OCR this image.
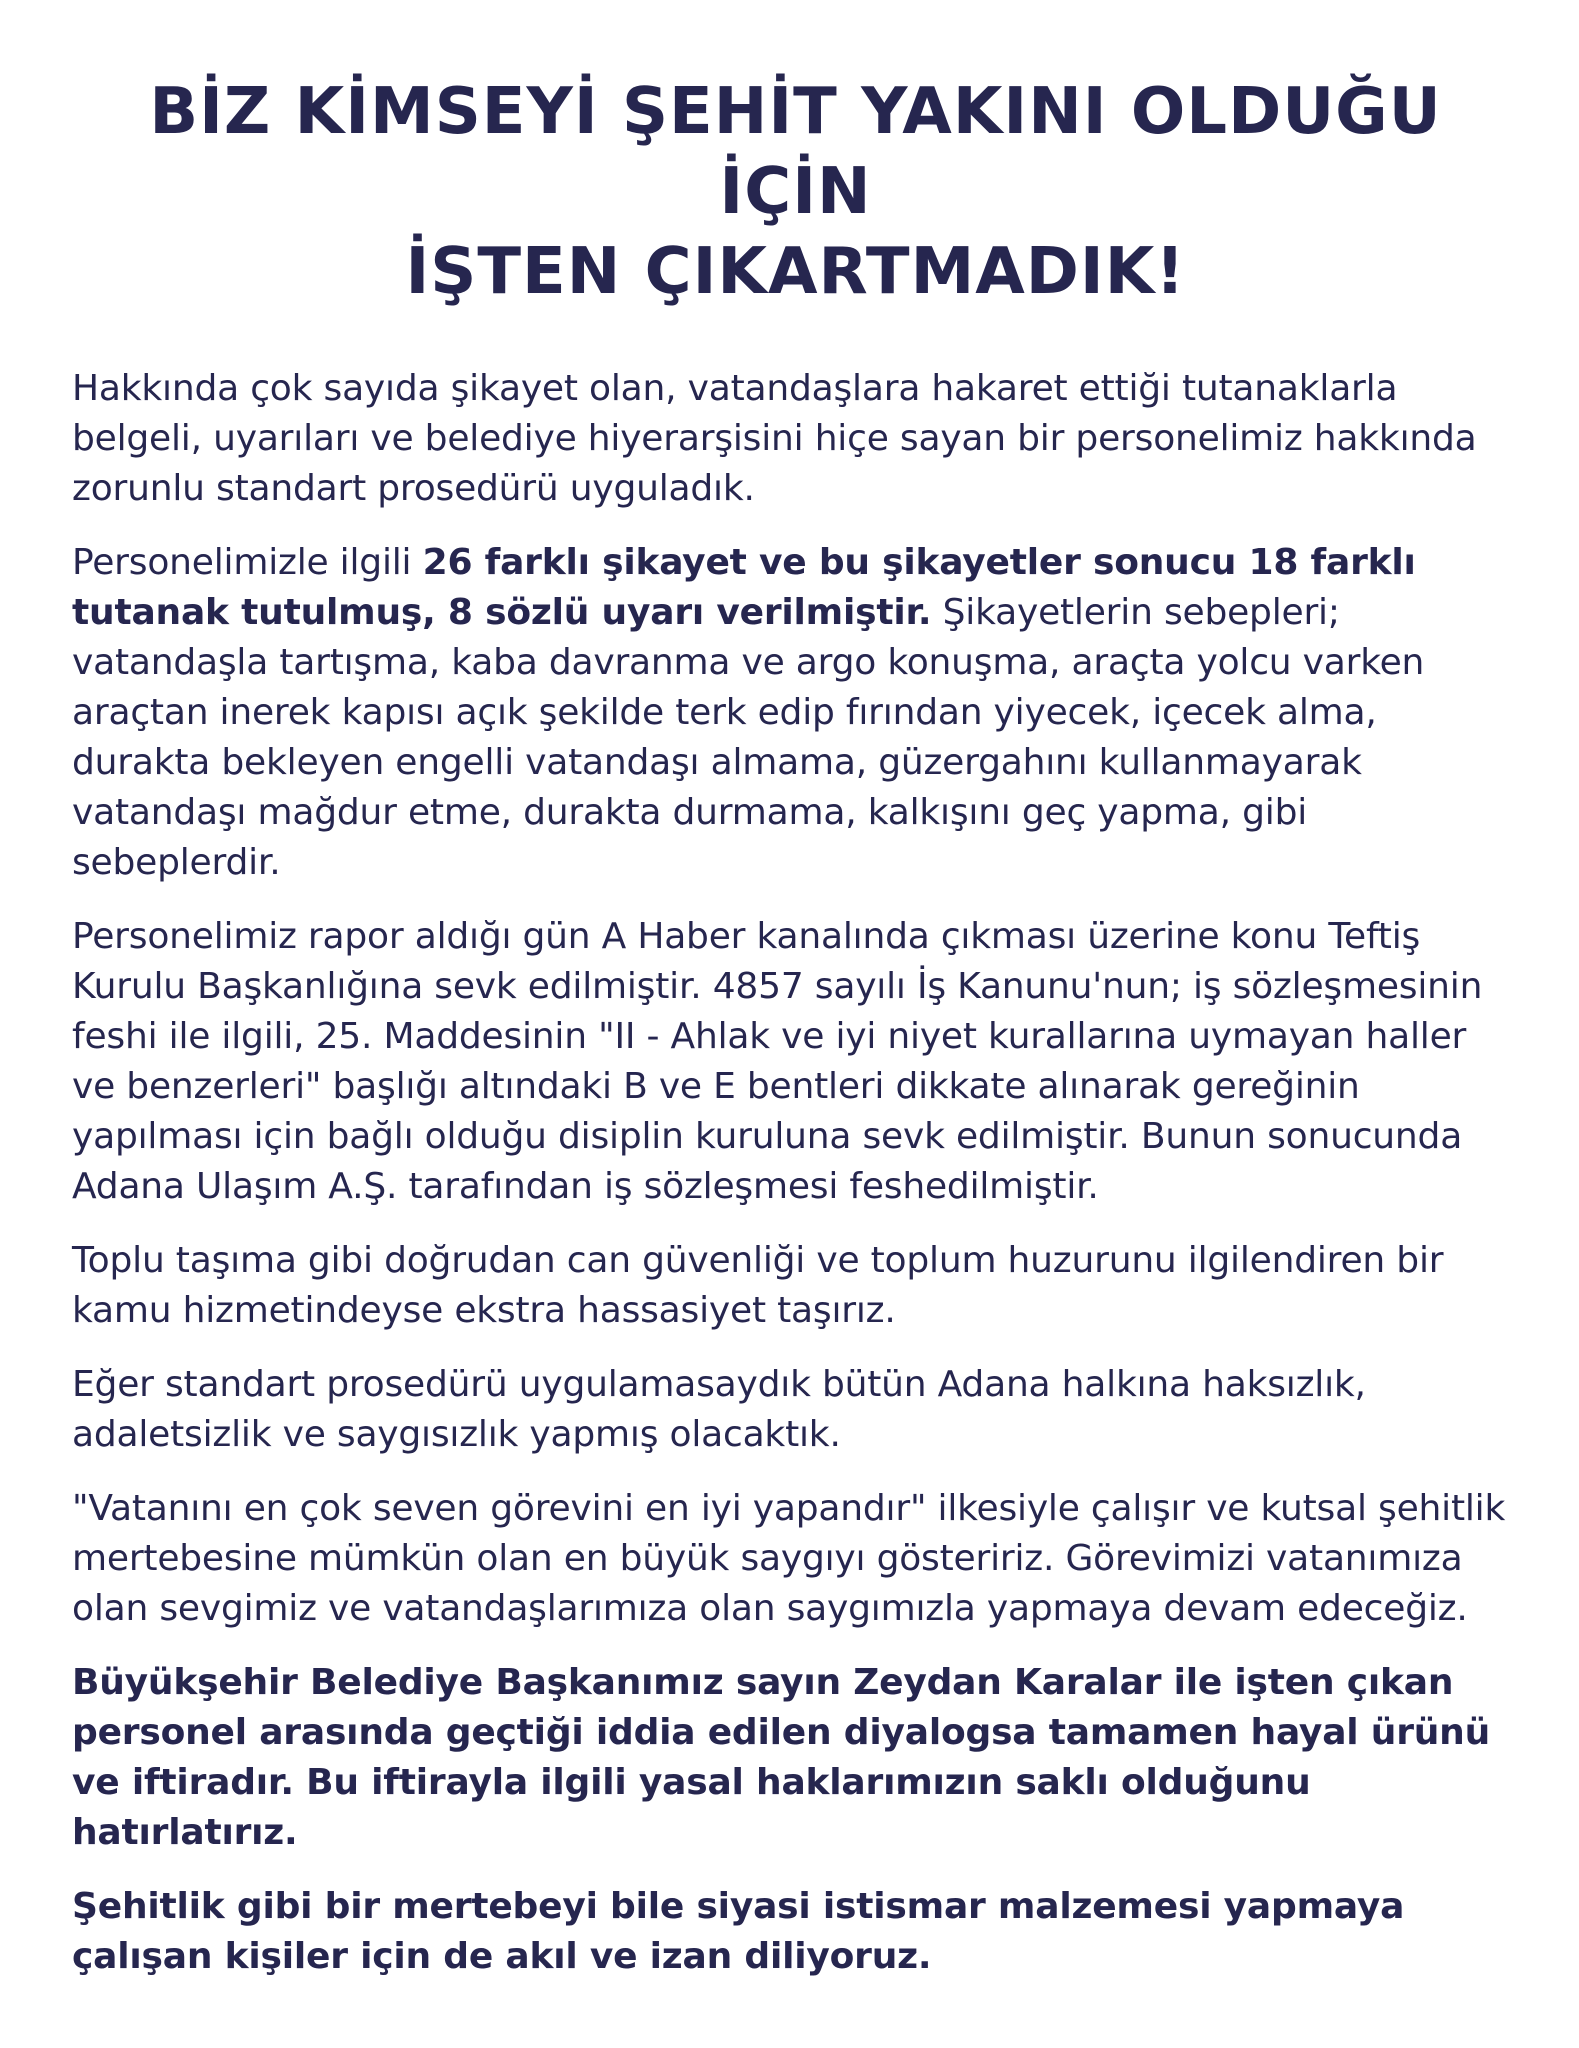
BİZ KİMSEYİ ŞEHİT YAKINI OLDUĞU İÇİN
İŞTEN ÇIKARTMADIK!

Hakkında çok sayıda şikayet olan, vatandaşlara hakaret ettiği tutanaklarla belgeli, uyarıları ve belediye hiyerarşisini hiçe sayan bir personelimiz hakkında zorunlu standart prosedürü uyguladık.

Personelimizle ilgili 26 farklı şikayet ve bu şikayetler sonucu 18 farklı tutanak tutulmuş, 8 sözlü uyarı verilmiştir. Şikayetlerin sebepleri; vatandaşla tartışma, kaba davranma ve argo konuşma, araçta yolcu varken araçtan inerek kapısı açık şekilde terk edip fırından yiyecek, içecek alma, durakta bekleyen engelli vatandaşı almama, güzergahını kullanmayarak vatandaşı mağdur etme, durakta durmama, kalkışını geç yapma, gibi sebeplerdir.

Personelimiz rapor aldığı gün A Haber kanalında çıkması üzerine konu Teftiş Kurulu Başkanlığına sevk edilmiştir. 4857 sayılı İş Kanunu'nun; iş sözleşmesinin feshi ile ilgili, 25. Maddesinin "II - Ahlak ve iyi niyet kurallarına uymayan haller ve benzerleri" başlığı altındaki B ve E bentleri dikkate alınarak gereğinin yapılması için bağlı olduğu disiplin kuruluna sevk edilmiştir. Bunun sonucunda Adana Ulaşım A.Ş. tarafından iş sözleşmesi feshedilmiştir.

Toplu taşıma gibi doğrudan can güvenliği ve toplum huzurunu ilgilendiren bir kamu hizmetindeyse ekstra hassasiyet taşırız.

Eğer standart prosedürü uygulamasaydık bütün Adana halkına haksızlık, adaletsizlik ve saygısızlık yapmış olacaktık.

"Vatanını en çok seven görevini en iyi yapandır" ilkesiyle çalışır ve kutsal şehitlik mertebesine mümkün olan en büyük saygıyı gösteririz. Görevimizi vatanımıza olan sevgimiz ve vatandaşlarımıza olan saygımızla yapmaya devam edeceğiz.

Büyükşehir Belediye Başkanımız sayın Zeydan Karalar ile işten çıkan personel arasında geçtiği iddia edilen diyalogsa tamamen hayal ürünü ve iftiradır. Bu iftirayla ilgili yasal haklarımızın saklı olduğunu hatırlatırız.

Şehitlik gibi bir mertebeyi bile siyasi istismar malzemesi yapmaya çalışan kişiler için de akıl ve izan diliyoruz.
